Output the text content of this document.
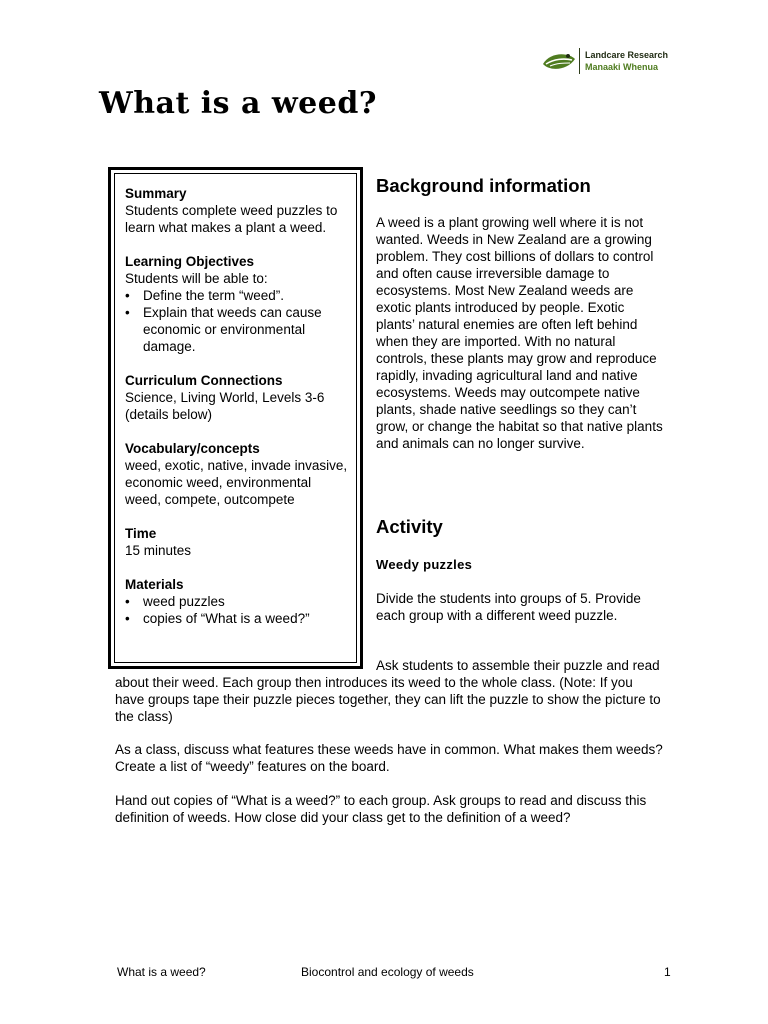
Landcare Research
Manaaki Whenua
What is a weed?
Summary
Students complete weed puzzles to learn what makes a plant a weed.
Learning Objectives
Students will be able to:
• Define the term “weed”.
• Explain that weeds can cause economic or environmental damage.
Curriculum Connections
Science, Living World, Levels 3-6 (details below)
Vocabulary/concepts
weed, exotic, native, invade invasive, economic weed, environmental weed, compete, outcompete
Time
15 minutes
Materials
• weed puzzles
• copies of “What is a weed?”
Background information

A weed is a plant growing well where it is not wanted. Weeds in New Zealand are a growing problem. They cost billions of dollars to control and often cause irreversible damage to ecosystems. Most New Zealand weeds are exotic plants introduced by people. Exotic plants’ natural enemies are often left behind when they are imported. With no natural controls, these plants may grow and reproduce rapidly, invading agricultural land and native ecosystems. Weeds may outcompete native plants, shade native seedlings so they can’t grow, or change the habitat so that native plants and animals can no longer survive.

Activity
Weedy puzzles

Divide the students into groups of 5. Provide each group with a different weed puzzle.

Ask students to assemble their puzzle and read about their weed. Each group then introduces its weed to the whole class. (Note: If you have groups tape their puzzle pieces together, they can lift the puzzle to show the picture to the class)

As a class, discuss what features these weeds have in common. What makes them weeds? Create a list of “weedy” features on the board.

Hand out copies of “What is a weed?” to each group. Ask groups to read and discuss this definition of weeds. How close did your class get to the definition of a weed?

What is a weed?	Biocontrol and ecology of weeds	1
